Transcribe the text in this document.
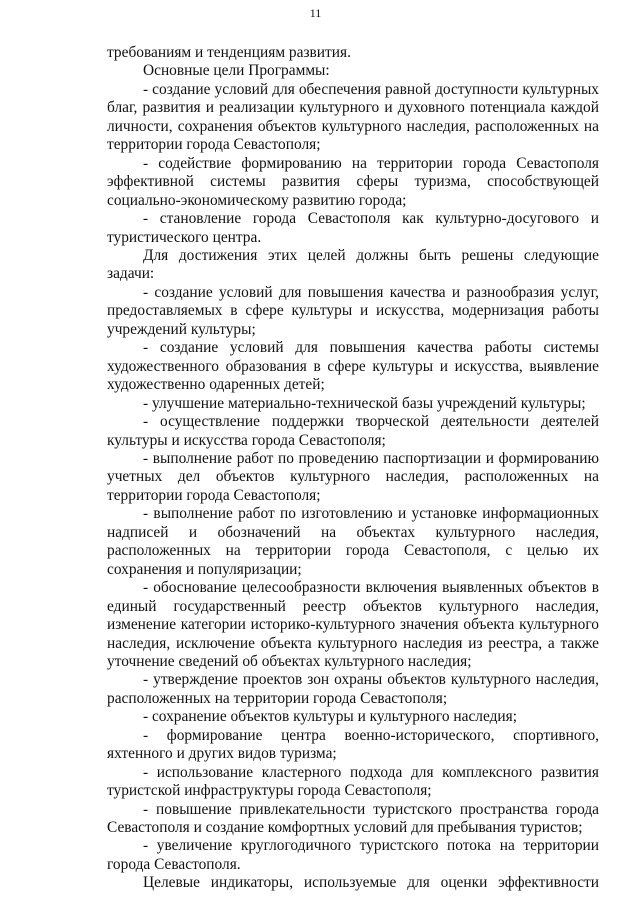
11

требованиям и тенденциям развития.

Основные цели Программы:

- создание условий для обеспечения равной доступности культурных благ, развития и реализации культурного и духовного потенциала каждой личности, сохранения объектов культурного наследия, расположенных на территории города Севастополя;

- содействие формированию на территории города Севастополя эффективной системы развития сферы туризма, способствующей социально-экономическому развитию города;

- становление города Севастополя как культурно-досугового и туристического центра.

Для достижения этих целей должны быть решены следующие задачи:

- создание условий для повышения качества и разнообразия услуг, предоставляемых в сфере культуры и искусства, модернизация работы учреждений культуры;

- создание условий для повышения качества работы системы художественного образования в сфере культуры и искусства, выявление художественно одаренных детей;

- улучшение материально-технической базы учреждений культуры;

- осуществление поддержки творческой деятельности деятелей культуры и искусства города Севастополя;

- выполнение работ по проведению паспортизации и формированию учетных дел объектов культурного наследия, расположенных на территории города Севастополя;

- выполнение работ по изготовлению и установке информационных надписей и обозначений на объектах культурного наследия, расположенных на территории города Севастополя, с целью их сохранения и популяризации;

- обоснование целесообразности включения выявленных объектов в единый государственный реестр объектов культурного наследия, изменение категории историко-культурного значения объекта культурного наследия, исключение объекта культурного наследия из реестра, а также уточнение сведений об объектах культурного наследия;

- утверждение проектов зон охраны объектов культурного наследия, расположенных на территории города Севастополя;

- сохранение объектов культуры и культурного наследия;

- формирование центра военно-исторического, спортивного, яхтенного и других видов туризма;

- использование кластерного подхода для комплексного развития туристской инфраструктуры города Севастополя;

- повышение привлекательности туристского пространства города Севастополя и создание комфортных условий для пребывания туристов;

- увеличение круглогодичного туристского потока на территории города Севастополя.

Целевые индикаторы, используемые для оценки эффективности
